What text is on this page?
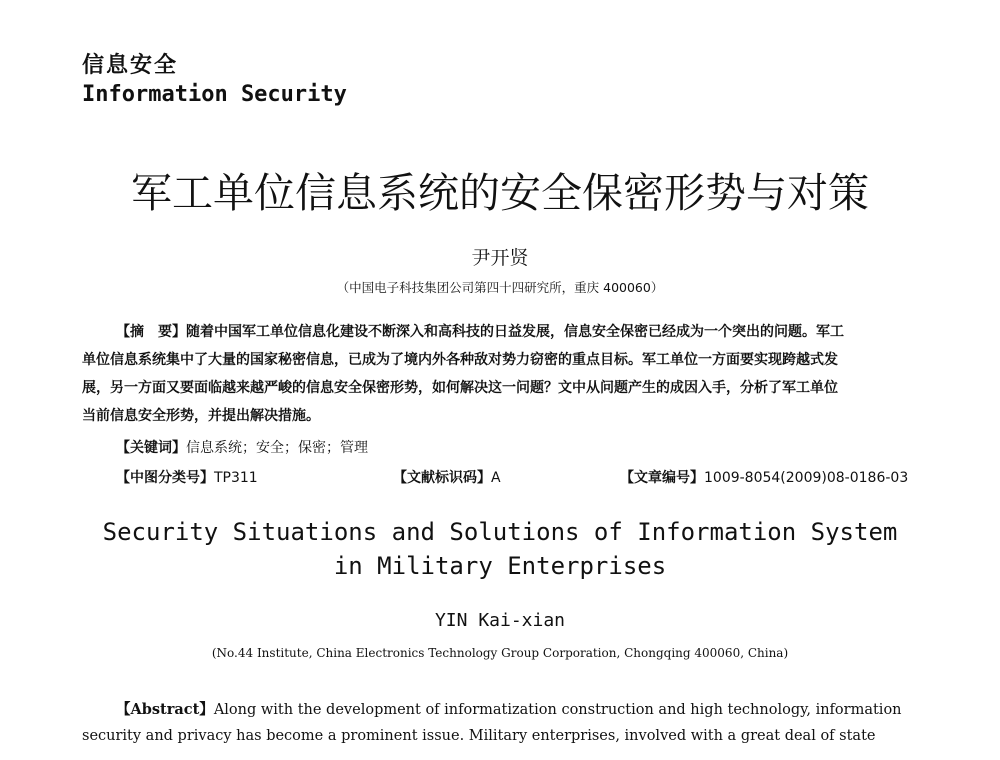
信息安全
Information Security
军工单位信息系统的安全保密形势与对策
尹开贤
（中国电子科技集团公司第四十四研究所，重庆 400060）
【摘　要】随着中国军工单位信息化建设不断深入和高科技的日益发展，信息安全保密已经成为一个突出的问题。军工
单位信息系统集中了大量的国家秘密信息，已成为了境内外各种敌对势力窃密的重点目标。军工单位一方面要实现跨越式发
展，另一方面又要面临越来越严峻的信息安全保密形势，如何解决这一问题？文中从问题产生的成因入手，分析了军工单位
当前信息安全形势，并提出解决措施。
【关键词】信息系统；安全；保密；管理
【中图分类号】TP311	【文献标识码】A	【文章编号】1009-8054(2009)08-0186-03
Security Situations and Solutions of Information System
in Military Enterprises
YIN Kai-xian
(No.44 Institute, China Electronics Technology Group Corporation, Chongqing 400060, China)
【Abstract】Along with the development of informatization construction and high technology, information
security and privacy has become a prominent issue. Military enterprises, involved with a great deal of state
